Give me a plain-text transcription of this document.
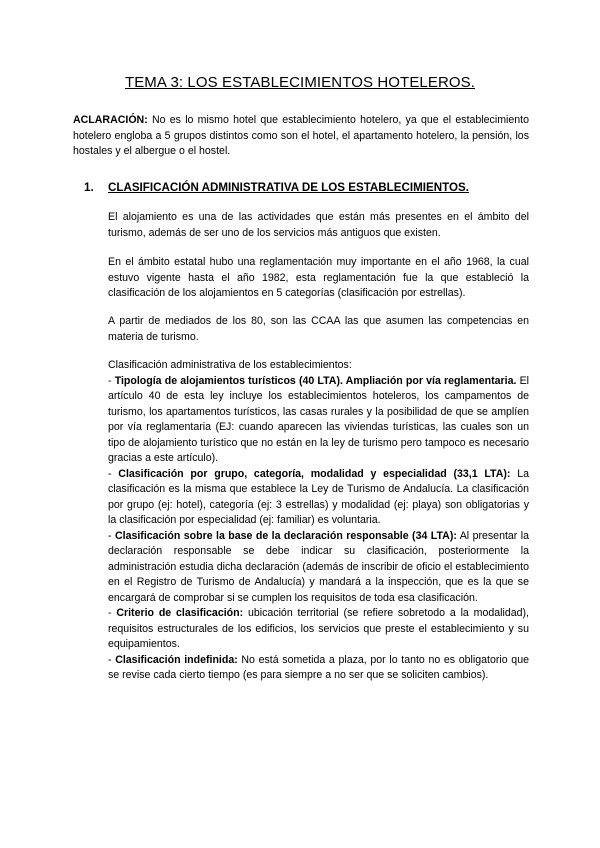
TEMA 3: LOS ESTABLECIMIENTOS HOTELEROS.

ACLARACIÓN: No es lo mismo hotel que establecimiento hotelero, ya que el establecimiento hotelero engloba a 5 grupos distintos como son el hotel, el apartamento hotelero, la pensión, los hostales y el albergue o el hostel.

1. CLASIFICACIÓN ADMINISTRATIVA DE LOS ESTABLECIMIENTOS.

El alojamiento es una de las actividades que están más presentes en el ámbito del turismo, además de ser uno de los servicios más antiguos que existen.

En el ámbito estatal hubo una reglamentación muy importante en el año 1968, la cual estuvo vigente hasta el año 1982, esta reglamentación fue la que estableció la clasificación de los alojamientos en 5 categorías (clasificación por estrellas).

A partir de mediados de los 80, son las CCAA las que asumen las competencias en materia de turismo.

Clasificación administrativa de los establecimientos:

- Tipología de alojamientos turísticos (40 LTA). Ampliación por vía reglamentaria. El artículo 40 de esta ley incluye los establecimientos hoteleros, los campamentos de turismo, los apartamentos turísticos, las casas rurales y la posibilidad de que se amplíen por vía reglamentaria (EJ: cuando aparecen las viviendas turísticas, las cuales son un tipo de alojamiento turístico que no están en la ley de turismo pero tampoco es necesario gracias a este artículo).

- Clasificación por grupo, categoría, modalidad y especialidad (33,1 LTA): La clasificación es la misma que establece la Ley de Turismo de Andalucía. La clasificación por grupo (ej: hotel), categoría (ej: 3 estrellas) y modalidad (ej: playa) son obligatorias y la clasificación por especialidad (ej: familiar) es voluntaria.

- Clasificación sobre la base de la declaración responsable (34 LTA): Al presentar la declaración responsable se debe indicar su clasificación, posteriormente la administración estudia dicha declaración (además de inscribir de oficio el establecimiento en el Registro de Turismo de Andalucía) y mandará a la inspección, que es la que se encargará de comprobar si se cumplen los requisitos de toda esa clasificación.

- Criterio de clasificación: ubicación territorial (se refiere sobretodo a la modalidad), requisitos estructurales de los edificios, los servicios que preste el establecimiento y su equipamientos.

- Clasificación indefinida: No está sometida a plaza, por lo tanto no es obligatorio que se revise cada cierto tiempo (es para siempre a no ser que se soliciten cambios).
